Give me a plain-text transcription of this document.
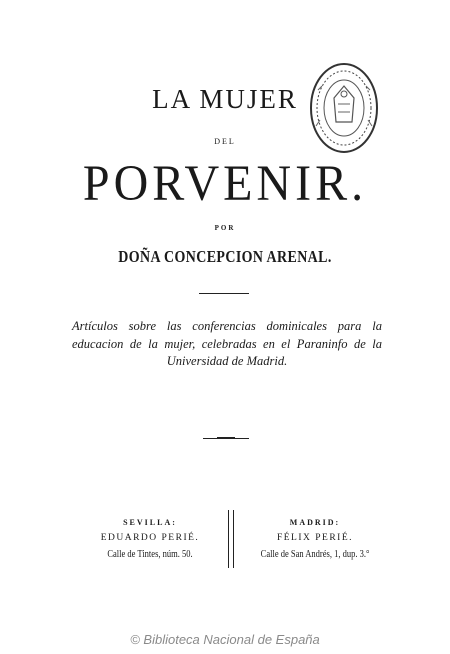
LA MUJER
DEL
PORVENIR.
POR
DOÑA CONCEPCION ARENAL.
Artículos sobre las conferencias dominicales para la educacion de la mujer, celebradas en el Paraninfo de la Universidad de Madrid.
SEVILLA:
EDUARDO PERIÉ.
Calle de Tintes, núm. 50.
MADRID:
FÉLIX PERIÉ.
Calle de San Andrés, 1, dup. 3.°
© Biblioteca Nacional de España
